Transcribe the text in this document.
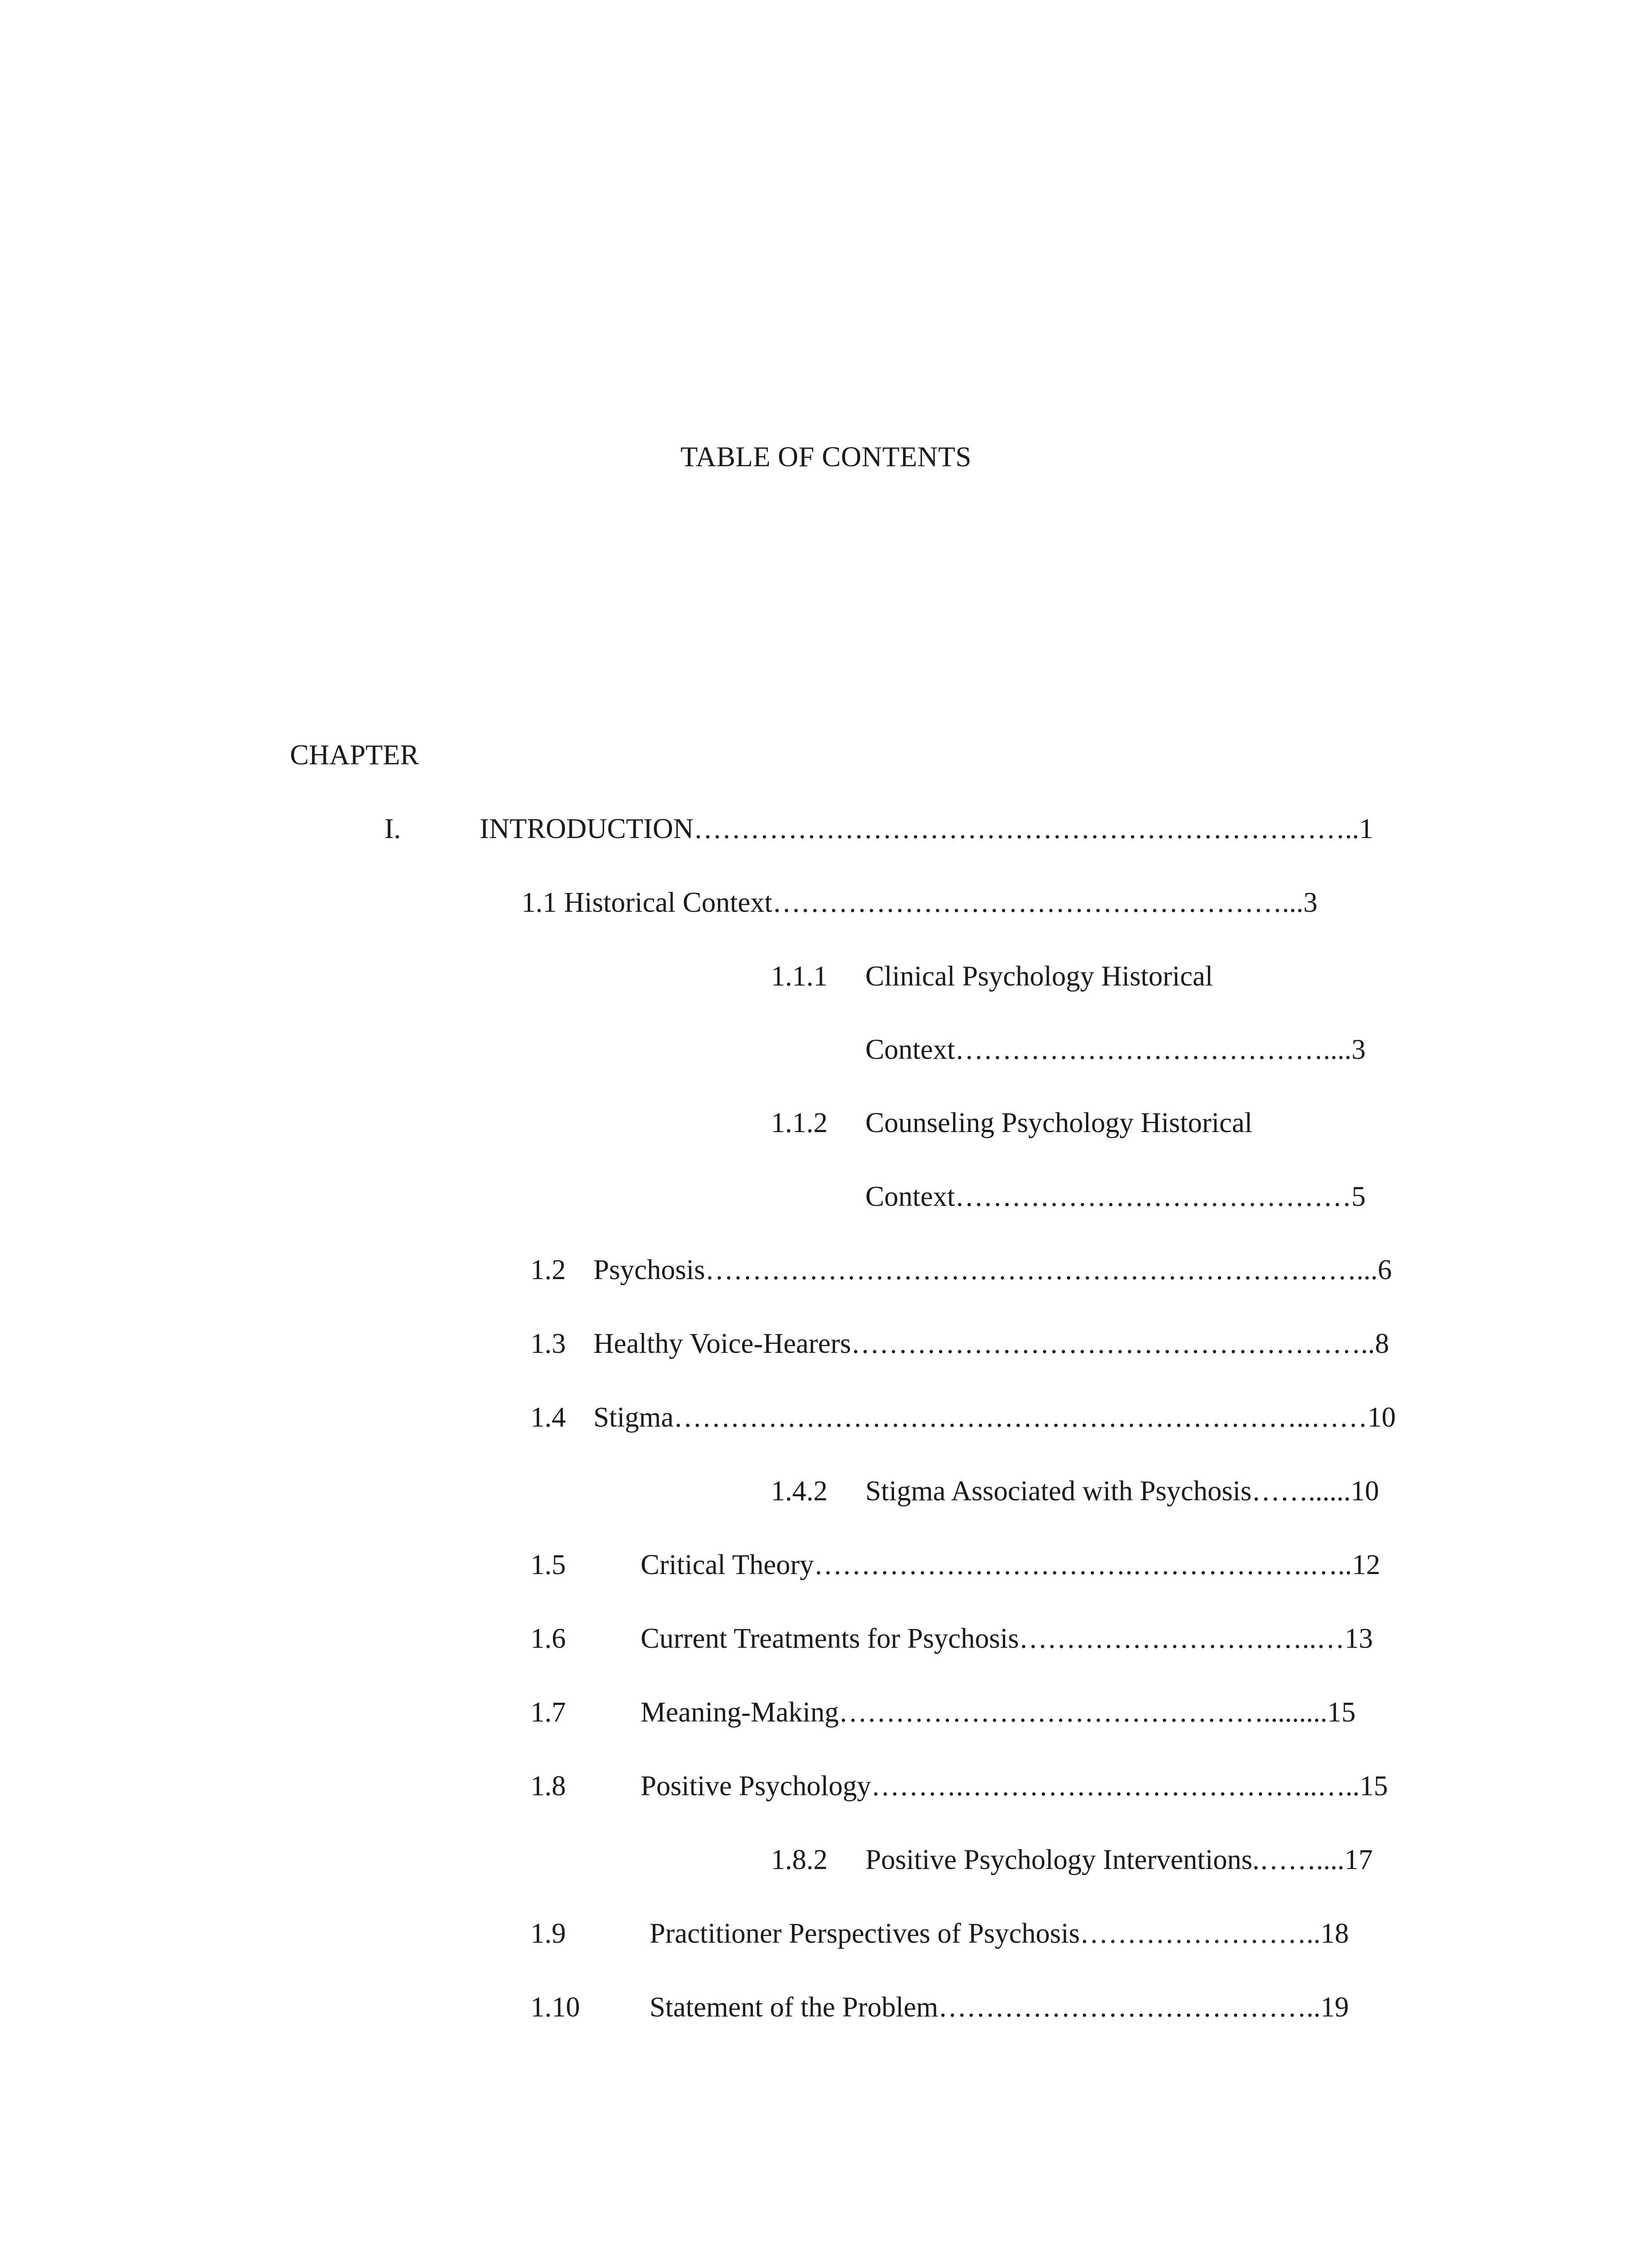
TABLE OF CONTENTS
CHAPTER
I.	INTRODUCTION……………………………………………………………..1
1.1 Historical Context………………………………………………...3
1.1.1 Clinical Psychology Historical
Context…………………………………....3
1.1.2 Counseling Psychology Historical
Context……………………………………5
1.2 Psychosis……………………………………………………………...6
1.3 Healthy Voice-Hearers………………………………………………..8
1.4 Stigma…………………………………………………………..……10
1.4.2 Stigma Associated with Psychosis……......10
1.5	Critical Theory…………………………….……………….…..12
1.6	Current Treatments for Psychosis…………………………..…13
1.7	Meaning-Making……………………………………….........15
1.8	Positive Psychology……….………………………………..…..15
1.8.2 Positive Psychology Interventions.……....17
1.9	Practitioner Perspectives of Psychosis……………………..18
1.10 Statement of the Problem…………………………………..19
